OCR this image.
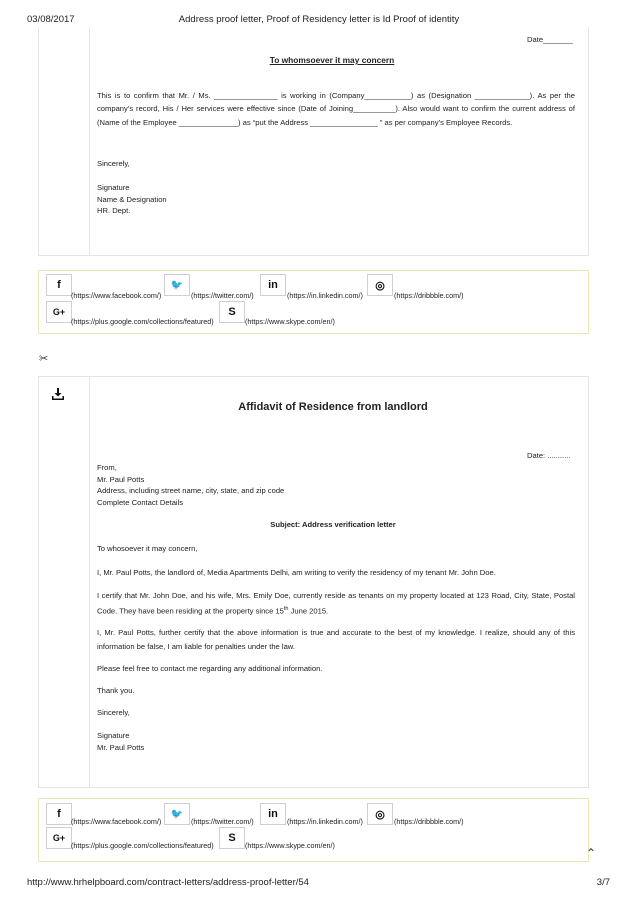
03/08/2017	Address proof letter, Proof of Residency letter is Id Proof of identity
Date_______
To whomsoever it may concern
This is to confirm that Mr. / Ms. _______________ is working in (Company___________) as (Designation _____________). As per the company’s record, His / Her services were effective since (Date of Joining__________). Also would want to confirm the current address of (Name of the Employee ______________) as “put the Address ________________ ” as per company’s Employee Records.
Sincerely,

Signature

Name & Designation

HR. Dept.

f
(https://www.facebook.com/)
🐦
(https://twitter.com/)
in
(https://in.linkedin.com/)
◎
(https://dribbble.com/)
G+
(https://plus.google.com/collections/featured)
S
(https://www.skype.com/en/)
✂
Affidavit of Residence from landlord
Date: ...........

From,

Mr. Paul Potts

Address, including street name, city, state, and zip code

Complete Contact Details

Subject: Address verification letter
To whosoever it may concern,
I, Mr. Paul Potts, the landlord of, Media Apartments Delhi, am writing to verify the residency of my tenant Mr. John Doe.
I certify that Mr. John Doe, and his wife, Mrs. Emily Doe, currently reside as tenants on my property located at 123 Road, City, State, Postal Code. They have been residing at the property since 15th June 2015.
I, Mr. Paul Potts, further certify that the above information is true and accurate to the best of my knowledge. I realize, should any of this information be false, I am liable for penalties under the law.
Please feel free to contact me regarding any additional information.
Thank you.
Sincerely,

Signature

Mr. Paul Potts

f
(https://www.facebook.com/)
🐦
(https://twitter.com/)
in
(https://in.linkedin.com/)
◎
(https://dribbble.com/)
G+
(https://plus.google.com/collections/featured)
S
(https://www.skype.com/en/)
⌃
http://www.hrhelpboard.com/contract-letters/address-proof-letter/54	3/7
